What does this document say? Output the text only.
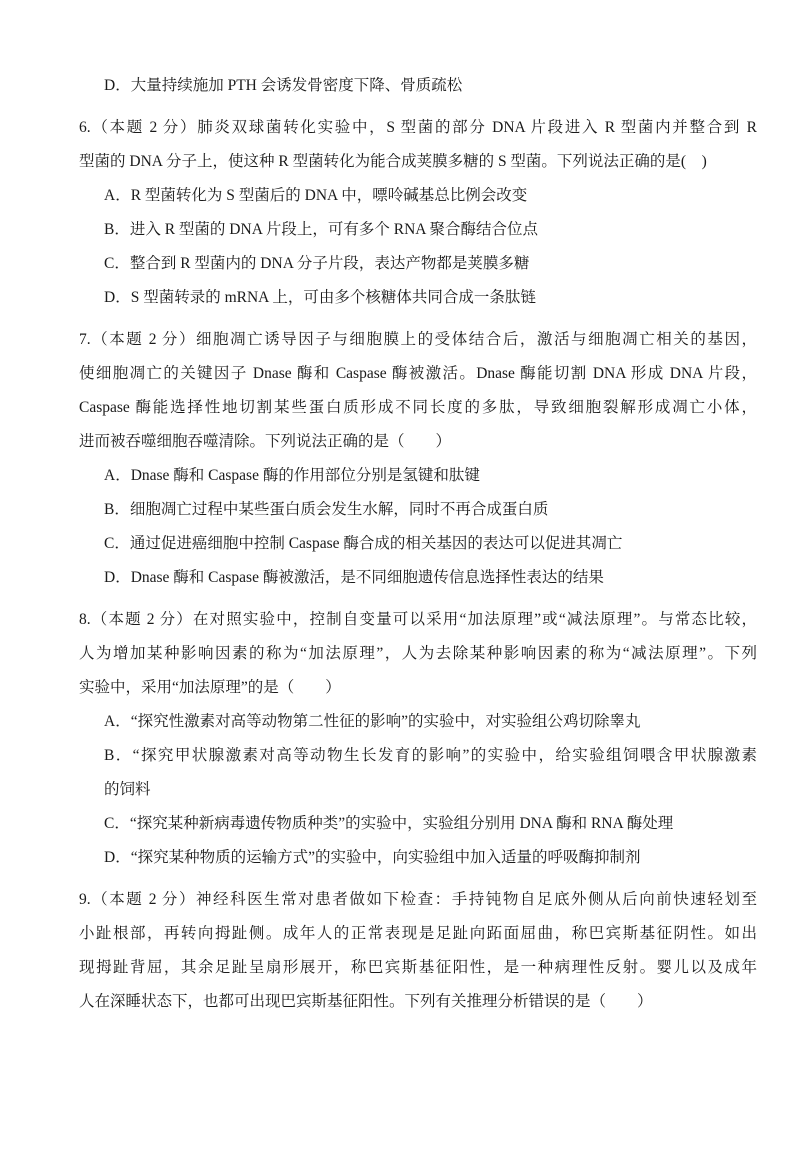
D．大量持续施加 PTH 会诱发骨密度下降、骨质疏松
6.（本题 2 分）肺炎双球菌转化实验中，S 型菌的部分 DNA 片段进入 R 型菌内并整合到 R
型菌的 DNA 分子上，使这种 R 型菌转化为能合成荚膜多糖的 S 型菌。下列说法正确的是(　)
A．R 型菌转化为 S 型菌后的 DNA 中，嘌呤碱基总比例会改变
B．进入 R 型菌的 DNA 片段上，可有多个 RNA 聚合酶结合位点
C．整合到 R 型菌内的 DNA 分子片段，表达产物都是荚膜多糖
D．S 型菌转录的 mRNA 上，可由多个核糖体共同合成一条肽链
7.（本题 2 分）细胞凋亡诱导因子与细胞膜上的受体结合后，激活与细胞凋亡相关的基因，
使细胞凋亡的关键因子 Dnase 酶和 Caspase 酶被激活。Dnase 酶能切割 DNA 形成 DNA 片段，
Caspase 酶能选择性地切割某些蛋白质形成不同长度的多肽，导致细胞裂解形成凋亡小体，
进而被吞噬细胞吞噬清除。下列说法正确的是（　　）
A．Dnase 酶和 Caspase 酶的作用部位分别是氢键和肽键
B．细胞凋亡过程中某些蛋白质会发生水解，同时不再合成蛋白质
C．通过促进癌细胞中控制 Caspase 酶合成的相关基因的表达可以促进其凋亡
D．Dnase 酶和 Caspase 酶被激活，是不同细胞遗传信息选择性表达的结果
8.（本题 2 分）在对照实验中，控制自变量可以采用“加法原理”或“减法原理”。与常态比较，
人为增加某种影响因素的称为“加法原理”，人为去除某种影响因素的称为“减法原理”。下列
实验中，采用“加法原理”的是（　　）
A．“探究性激素对高等动物第二性征的影响”的实验中，对实验组公鸡切除睾丸
B．“探究甲状腺激素对高等动物生长发育的影响”的实验中，给实验组饲喂含甲状腺激素
的饲料
C．“探究某种新病毒遗传物质种类”的实验中，实验组分别用 DNA 酶和 RNA 酶处理
D．“探究某种物质的运输方式”的实验中，向实验组中加入适量的呼吸酶抑制剂
9.（本题 2 分）神经科医生常对患者做如下检查：手持钝物自足底外侧从后向前快速轻划至
小趾根部，再转向拇趾侧。成年人的正常表现是足趾向跖面屈曲，称巴宾斯基征阴性。如出
现拇趾背屈，其余足趾呈扇形展开，称巴宾斯基征阳性，是一种病理性反射。婴儿以及成年
人在深睡状态下，也都可出现巴宾斯基征阳性。下列有关推理分析错误的是（　　）
